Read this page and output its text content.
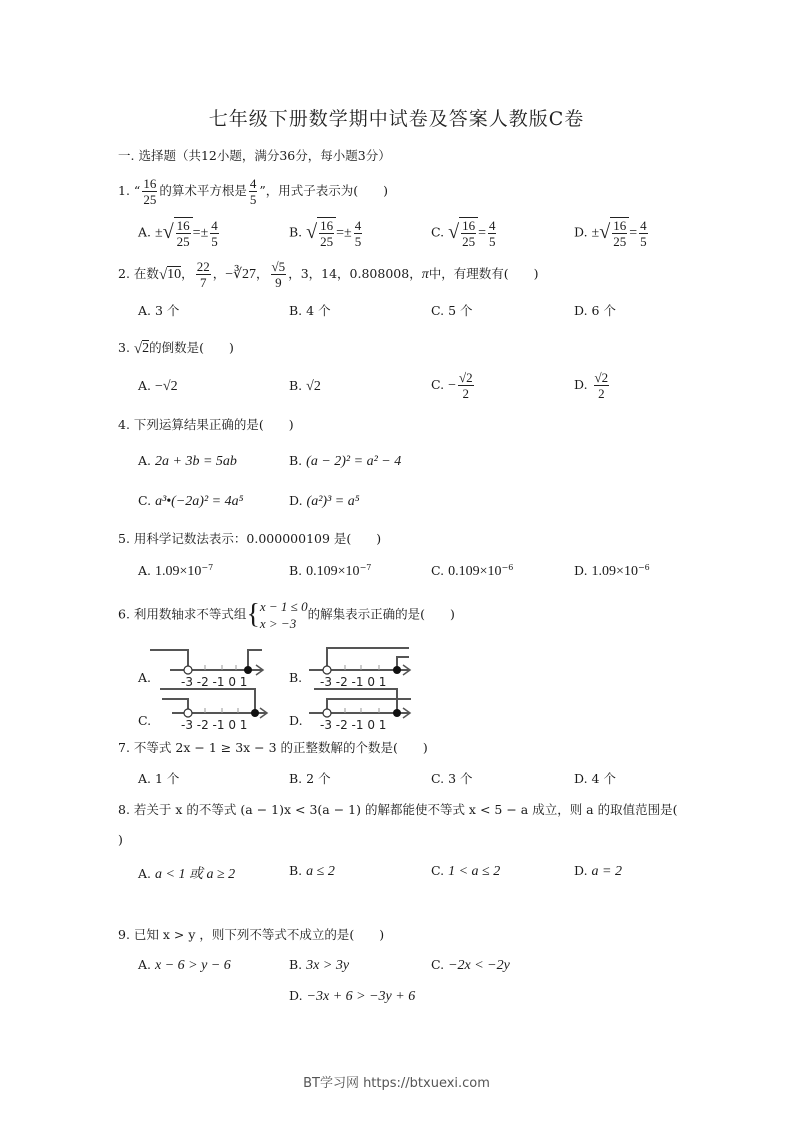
七年级下册数学期中试卷及答案人教版C卷
一. 选择题（共12小题，满分36分，每小题3分）
1. “ $\frac{16}{25}$ 的算术平方根是 $\frac{4}{5}$ ”，用式子表示为(　　)
A. ± √ $\frac{16}{25} =\pm \frac{4}{5}$	B. √ $\frac{16}{25} =\pm \frac{4}{5}$	C. √ $\frac{16}{25} = \frac{4}{5}$	D. ± √ $\frac{16}{25} = \frac{4}{5}$
2. 在数 √ 10 ， $\frac{22}{7}$ ，−∛27， $\frac{√5}{9}$ ，3，14，0.808008，π中，有理数有(　　)
A. 3 个	B. 4 个	C. 5 个	D. 6 个
3. √ 2 的倒数是(　　)
A. −√2	B. √2	C. − $\frac{√2}{2}$	D. $\frac{√2}{2}$
4. 下列运算结果正确的是(　　)
A. 2a + 3b = 5ab	B. (a − 2)² = a² − 4
C. a³•(−2a)² = 4a⁵	D. (a²)³ = a⁵
5. 用科学记数法表示：0.000000109 是(　　)
A. $1.09\times 10^{-7}$	B. $0.109\times 10^{-7}$	C. $0.109\times 10^{-6}$	D. $1.09\times 10^{-6}$
6. 利用数轴求不等式组{ x − 1 ≤ 0
x > −3
的解集表示正确的是(　　)
A. -3 -2 -1 0 1	B. -3 -2 -1 0 1
C. -3 -2 -1 0 1	D. -3 -2 -1 0 1
7. 不等式 2x − 1 ≥ 3x − 3 的正整数解的个数是(　　)
A. 1 个	B. 2 个	C. 3 个	D. 4 个
8. 若关于 x 的不等式 (a − 1)x < 3(a − 1) 的解都能使不等式 x < 5 − a 成立，则 a 的取值范围是(
)
A. a < 1 或 a ≥ 2	B. a ≤ 2	C. 1 < a ≤ 2	D. a = 2
9. 已知 x > y ，则下列不等式不成立的是(　　)
A. x − 6 > y − 6	B. 3x > 3y	C. −2x < −2y
D. −3x + 6 > −3y + 6
BT学习网 https://btxuexi.com
